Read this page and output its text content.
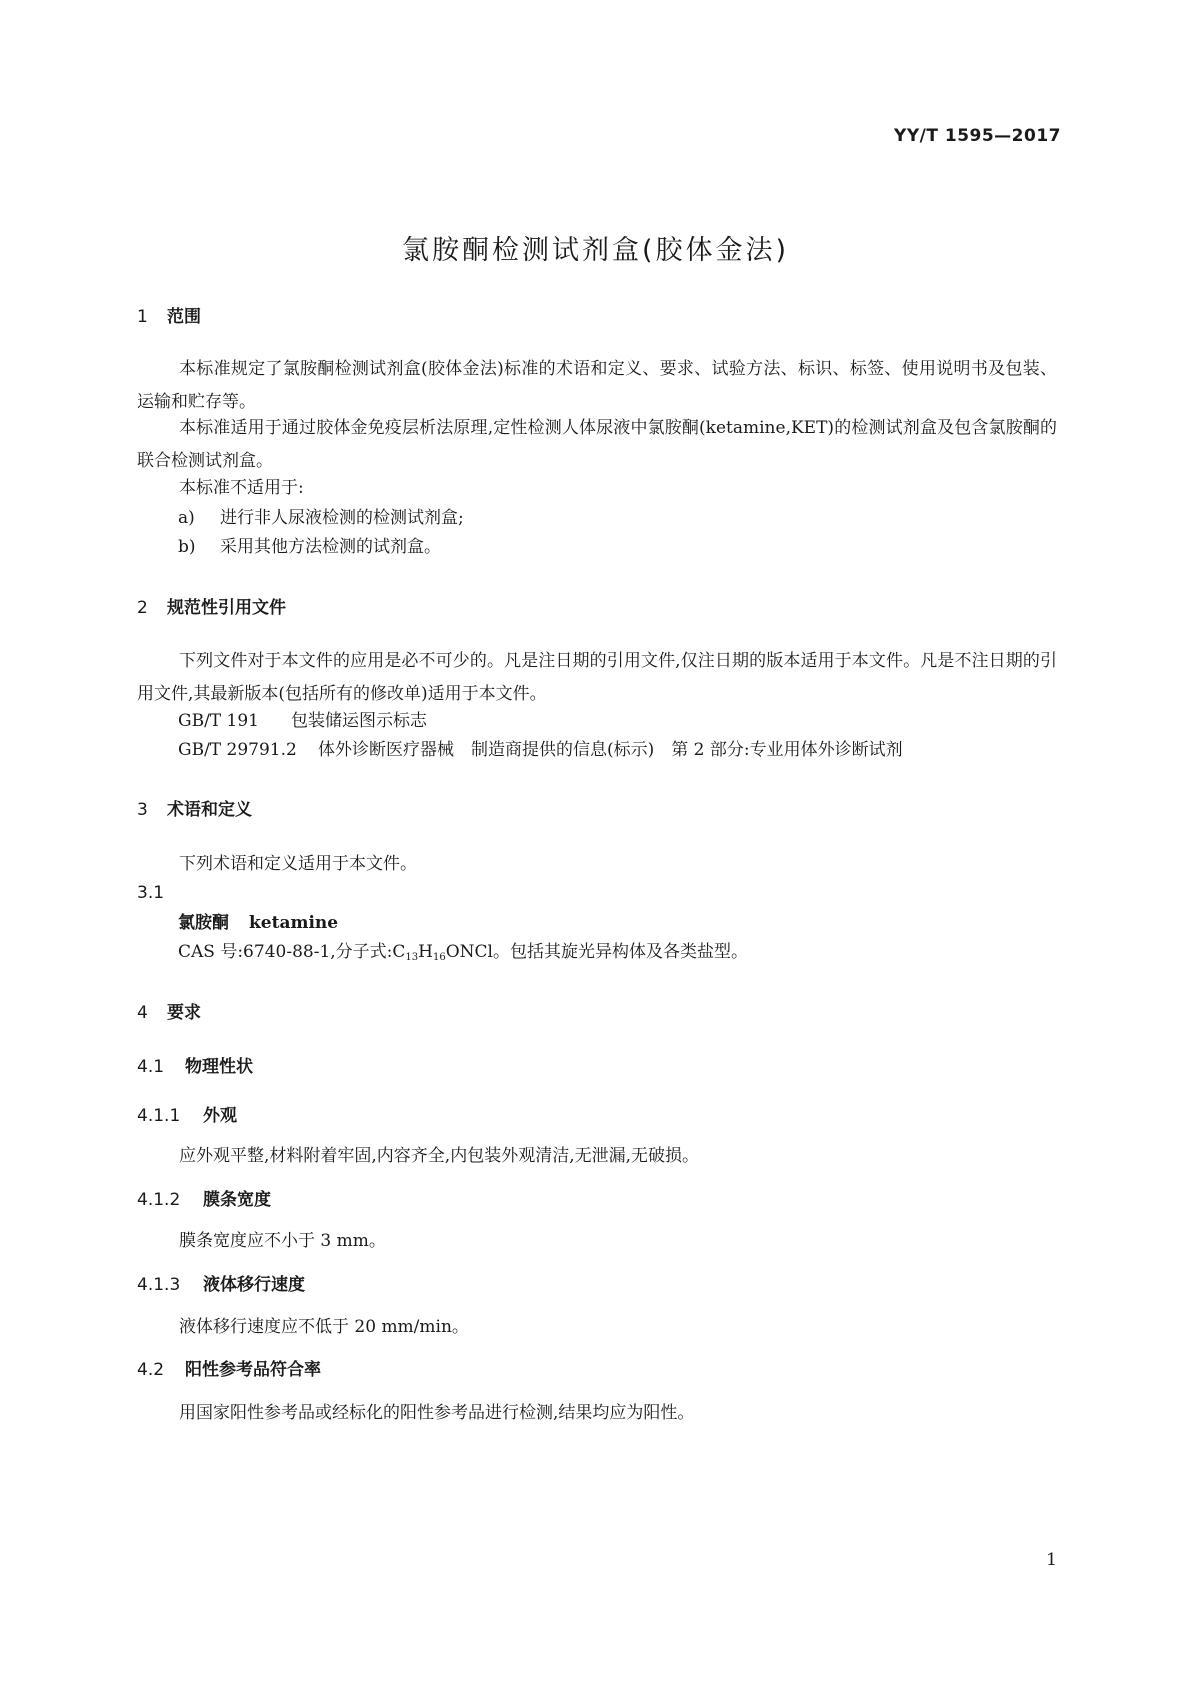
YY/T 1595—2017
氯胺酮检测试剂盒(胶体金法)
1 范围

本标准规定了氯胺酮检测试剂盒(胶体金法)标准的术语和定义、要求、试验方法、标识、标签、使用说明书及包装、运输和贮存等。

本标准适用于通过胶体金免疫层析法原理,定性检测人体尿液中氯胺酮(ketamine,KET)的检测试剂盒及包含氯胺酮的联合检测试剂盒。

本标准不适用于:

a) 进行非人尿液检测的检测试剂盒;

b) 采用其他方法检测的试剂盒。

2 规范性引用文件

下列文件对于本文件的应用是必不可少的。凡是注日期的引用文件,仅注日期的版本适用于本文件。凡是不注日期的引用文件,其最新版本(包括所有的修改单)适用于本文件。

GB/T 191 包装储运图示标志

GB/T 29791.2 体外诊断医疗器械　制造商提供的信息(标示)　第 2 部分:专业用体外诊断试剂

3 术语和定义

下列术语和定义适用于本文件。

3.1

氯胺酮 ketamine

CAS 号:6740-88-1,分子式$:C_{13}H_{16}ONCl$。包括其旋光异构体及各类盐型。

4 要求
4.1 物理性状
4.1.1 外观

应外观平整,材料附着牢固,内容齐全,内包装外观清洁,无泄漏,无破损。

4.1.2 膜条宽度

膜条宽度应不小于 3 mm。

4.1.3 液体移行速度

液体移行速度应不低于 20 mm/min。

4.2 阳性参考品符合率

用国家阳性参考品或经标化的阳性参考品进行检测,结果均应为阳性。

1
